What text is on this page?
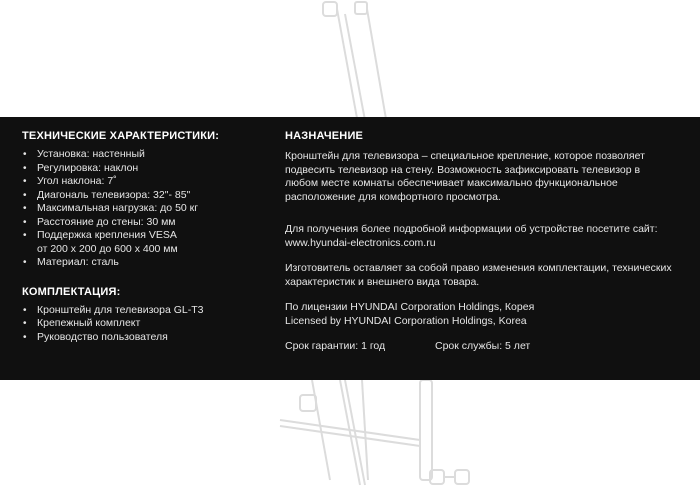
ТЕХНИЧЕСКИЕ ХАРАКТЕРИСТИКИ:
• Установка: настенный
• Регулировка: наклон
• Угол наклона: 7˚
• Диагональ телевизора: 32"- 85"
• Максимальная нагрузка: до 50 кг
• Расстояние до стены: 30 мм
• Поддержка крепления VESA
от 200 x 200 до 600 x 400 мм
• Материал: сталь
КОМПЛЕКТАЦИЯ:
• Кронштейн для телевизора GL-T3
• Крепежный комплект
• Руководство пользователя
НАЗНАЧЕНИЕ

Кронштейн для телевизора – специальное крепление, которое позволяет подвесить телевизор на стену. Возможность зафиксировать телевизор в любом месте комнаты обеспечивает максимально функциональное расположение для комфортного просмотра.

Для получения более подробной информации об устройстве посетите сайт:

www.hyundai-electronics.com.ru

Изготовитель оставляет за собой право изменения комплектации, технических характеристик и внешнего вида товара.

По лицензии HYUNDAI Corporation Holdings, Корея

Licensed by HYUNDAI Corporation Holdings, Korea

Срок гарантии: 1 год	Срок службы: 5 лет
